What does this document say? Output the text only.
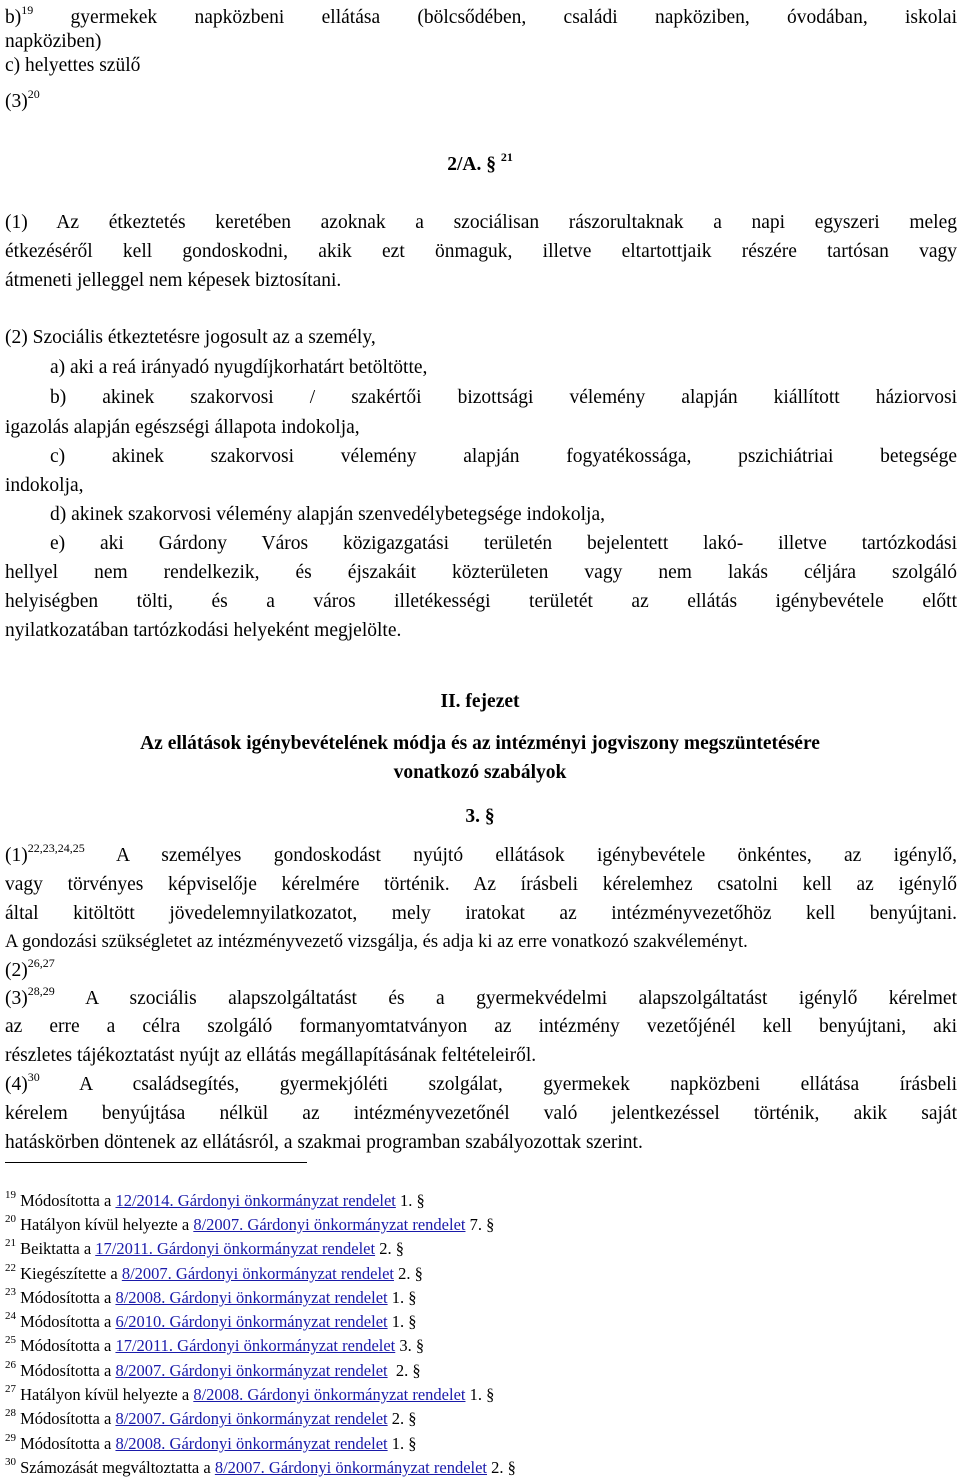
b)$^{19}$ gyermekek napközbeni ellátása (bölcsődében, családi napköziben, óvodában, iskolai
napköziben)
c) helyettes szülő
$(3)^{20}$
2/A. § $^{21}$
(1) Az étkeztetés keretében azoknak a szociálisan rászorultaknak a napi egyszeri meleg
étkezéséről kell gondoskodni, akik ezt önmaguk, illetve eltartottjaik részére tartósan vagy
átmeneti jelleggel nem képesek biztosítani.
(2) Szociális étkeztetésre jogosult az a személy,
a) aki a reá irányadó nyugdíjkorhatárt betöltötte,
b) akinek szakorvosi / szakértői bizottsági vélemény alapján kiállított háziorvosi
igazolás alapján egészségi állapota indokolja,
c) akinek szakorvosi vélemény alapján fogyatékossága, pszichiátriai betegsége
indokolja,
d) akinek szakorvosi vélemény alapján szenvedélybetegsége indokolja,
e) aki Gárdony Város közigazgatási területén bejelentett lakó- illetve tartózkodási
hellyel nem rendelkezik, és éjszakáit közterületen vagy nem lakás céljára szolgáló
helyiségben tölti, és a város illetékességi területét az ellátás igénybevétele előtt
nyilatkozatában tartózkodási helyeként megjelölte.
II. fejezet
Az ellátások igénybevételének módja és az intézményi jogviszony megszüntetésére
vonatkozó szabályok
3. §
$(1)^{22,23,24,25}$ A személyes gondoskodást nyújtó ellátások igénybevétele önkéntes, az igénylő,
vagy törvényes képviselője kérelmére történik. Az írásbeli kérelemhez csatolni kell az igénylő
által kitöltött jövedelemnyilatkozatot, mely iratokat az intézményvezetőhöz kell benyújtani.
A gondozási szükségletet az intézményvezető vizsgálja, és adja ki az erre vonatkozó szakvéleményt.
$(2)^{26,27}$
$(3)^{28,29}$ A szociális alapszolgáltatást és a gyermekvédelmi alapszolgáltatást igénylő kérelmet
az erre a célra szolgáló formanyomtatványon az intézmény vezetőjénél kell benyújtani, aki
részletes tájékoztatást nyújt az ellátás megállapításának feltételeiről.
$(4)^{30}$ A családsegítés, gyermekjóléti szolgálat, gyermekek napközbeni ellátása írásbeli
kérelem benyújtása nélkül az intézményvezetőnél való jelentkezéssel történik, akik saját
hatáskörben döntenek az ellátásról, a szakmai programban szabályozottak szerint.
$^{19}$ Módosította a 12/2014. Gárdonyi önkormányzat rendelet 1. §
$^{20}$ Hatályon kívül helyezte a 8/2007. Gárdonyi önkormányzat rendelet 7. §
$^{21}$ Beiktatta a 17/2011. Gárdonyi önkormányzat rendelet 2. §
$^{22}$ Kiegészítette a 8/2007. Gárdonyi önkormányzat rendelet 2. §
$^{23}$ Módosította a 8/2008. Gárdonyi önkormányzat rendelet 1. §
$^{24}$ Módosította a 6/2010. Gárdonyi önkormányzat rendelet 1. §
$^{25}$ Módosította a 17/2011. Gárdonyi önkormányzat rendelet 3. §
$^{26}$ Módosította a 8/2007. Gárdonyi önkormányzat rendelet  2. §
$^{27}$ Hatályon kívül helyezte a 8/2008. Gárdonyi önkormányzat rendelet 1. §
$^{28}$ Módosította a 8/2007. Gárdonyi önkormányzat rendelet 2. §
$^{29}$ Módosította a 8/2008. Gárdonyi önkormányzat rendelet 1. §
$^{30}$ Számozását megváltoztatta a 8/2007. Gárdonyi önkormányzat rendelet 2. §
